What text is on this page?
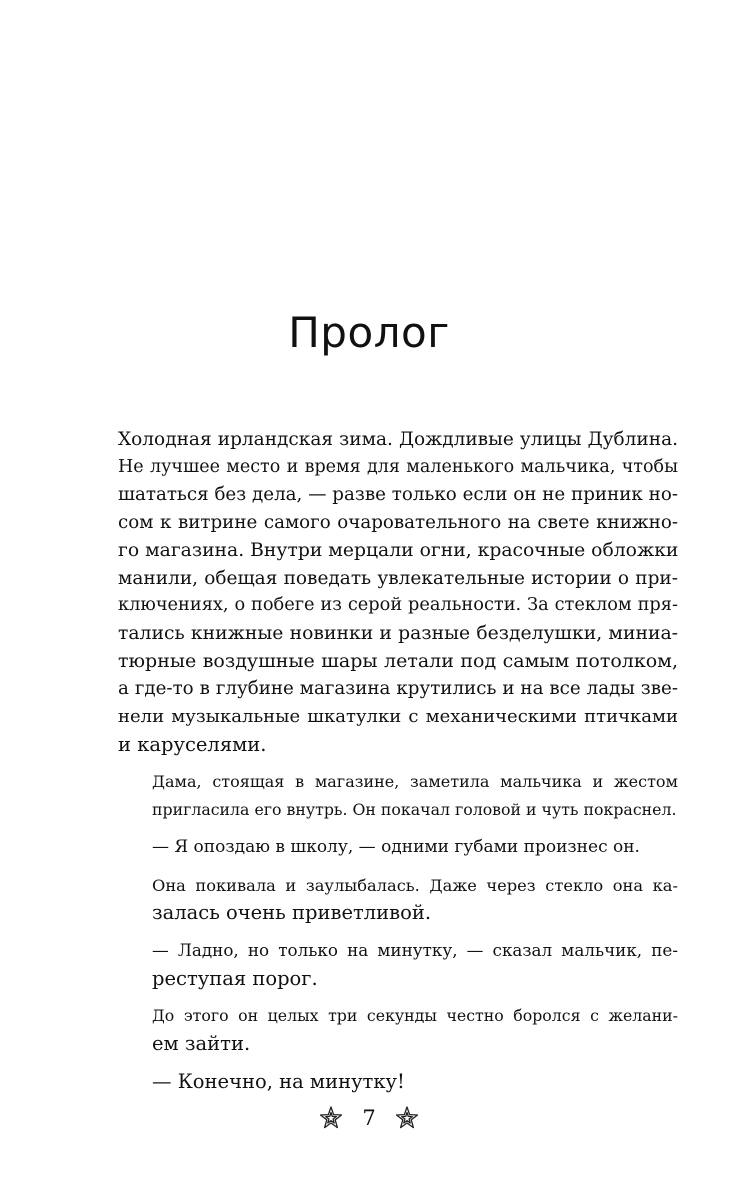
Пролог

Холодная ирландская зима. Дождливые улицы Дублина.
Не лучшее место и время для маленького мальчика, чтобы
шататься без дела, — разве только если он не приник но-
сом к витрине самого очаровательного на свете книжно-
го магазина. Внутри мерцали огни, красочные обложки
манили, обещая поведать увлекательные истории о при-
ключениях, о побеге из серой реальности. За стеклом пря-
тались книжные новинки и разные безделушки, миниа-
тюрные воздушные шары летали под самым потолком,
а где-то в глубине магазина крутились и на все лады зве-
нели музыкальные шкатулки с механическими птичками
и каруселями.

Дама, стоящая в магазине, заметила мальчика и жестом
пригласила его внутрь. Он покачал головой и чуть покраснел.

— Я опоздаю в школу, — одними губами произнес он.

Она покивала и заулыбалась. Даже через стекло она ка-
залась очень приветливой.

— Ладно, но только на минутку, — сказал мальчик, пе-
реступая порог.

До этого он целых три секунды честно боролся с желани-
ем зайти.

— Конечно, на минутку!

7
